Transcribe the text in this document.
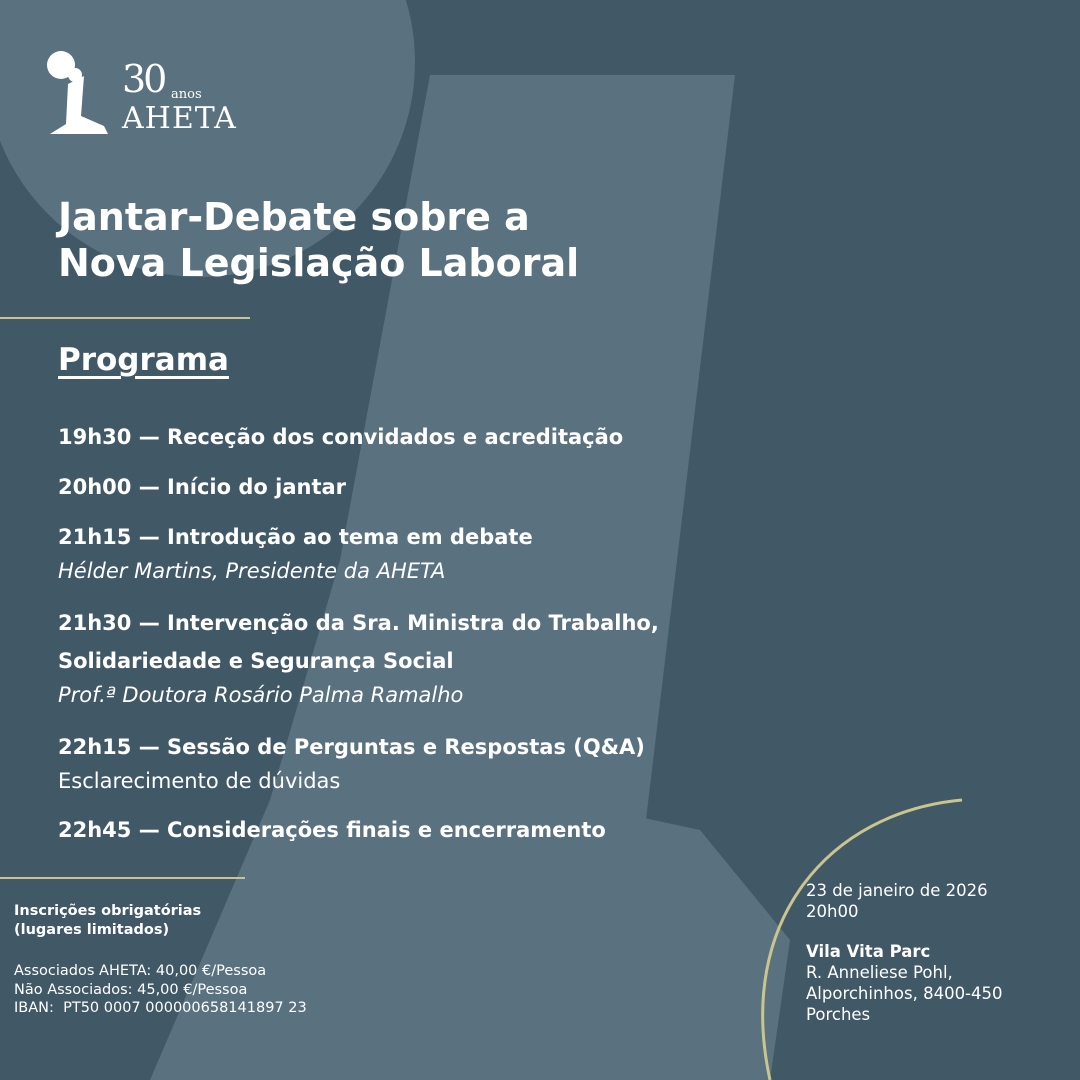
30 anos
AHETA
Jantar-Debate sobre a
Nova Legislação Laboral
Programa
19h30 — Receção dos convidados e acreditação
20h00 — Início do jantar
21h15 — Introdução ao tema em debate
Hélder Martins, Presidente da AHETA
21h30 — Intervenção da Sra. Ministra do Trabalho,
Solidariedade e Segurança Social
Prof.ª Doutora Rosário Palma Ramalho
22h15 — Sessão de Perguntas e Respostas (Q&A)
Esclarecimento de dúvidas
22h45 — Considerações finais e encerramento
Inscrições obrigatórias
(lugares limitados)
Associados AHETA: 40,00 €/Pessoa
Não Associados: 45,00 €/Pessoa
IBAN:  PT50 0007 000000658141897 23
23 de janeiro de 2026
20h00
Vila Vita Parc
R. Anneliese Pohl,
Alporchinhos, 8400-450
Porches
